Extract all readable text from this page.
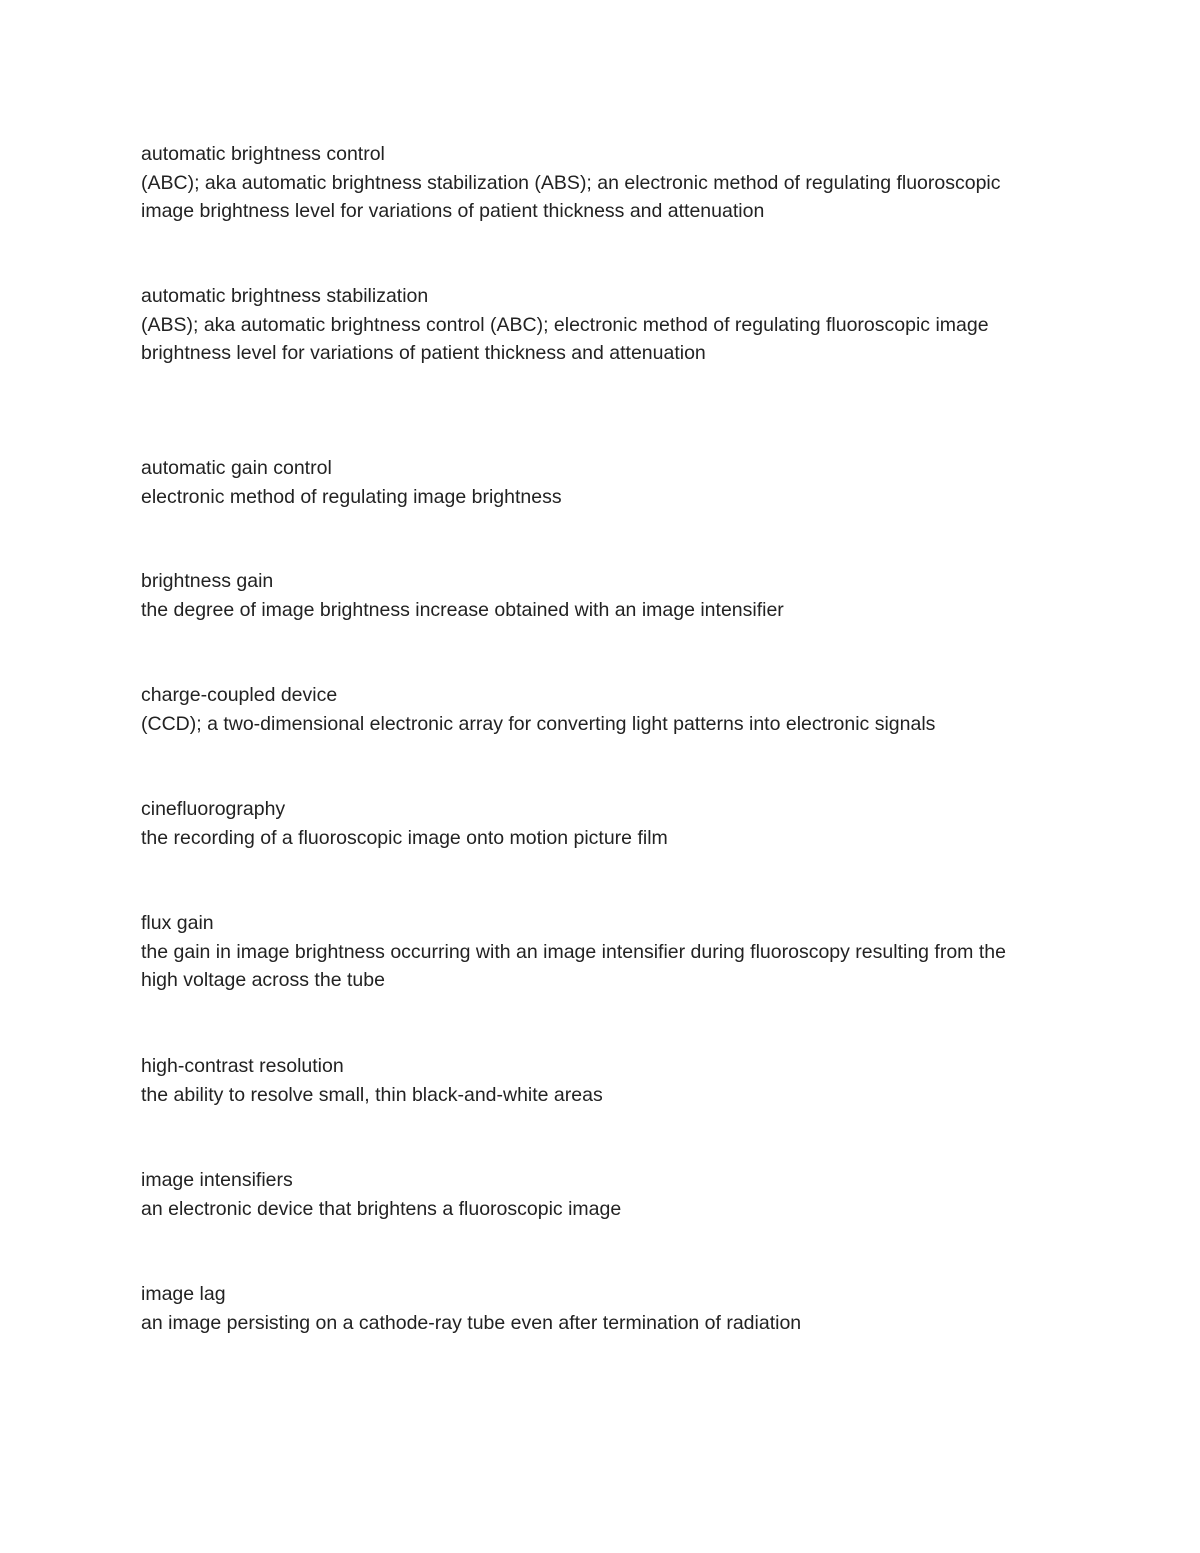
automatic brightness control
(ABC); aka automatic brightness stabilization (ABS); an electronic method of regulating fluoroscopic image brightness level for variations of patient thickness and attenuation
automatic brightness stabilization
(ABS); aka automatic brightness control (ABC); electronic method of regulating fluoroscopic image brightness level for variations of patient thickness and attenuation
automatic gain control
electronic method of regulating image brightness
brightness gain
the degree of image brightness increase obtained with an image intensifier
charge-coupled device
(CCD); a two-dimensional electronic array for converting light patterns into electronic signals
cinefluorography
the recording of a fluoroscopic image onto motion picture film
flux gain
the gain in image brightness occurring with an image intensifier during fluoroscopy resulting from the high voltage across the tube
high-contrast resolution
the ability to resolve small, thin black-and-white areas
image intensifiers
an electronic device that brightens a fluoroscopic image
image lag
an image persisting on a cathode-ray tube even after termination of radiation
